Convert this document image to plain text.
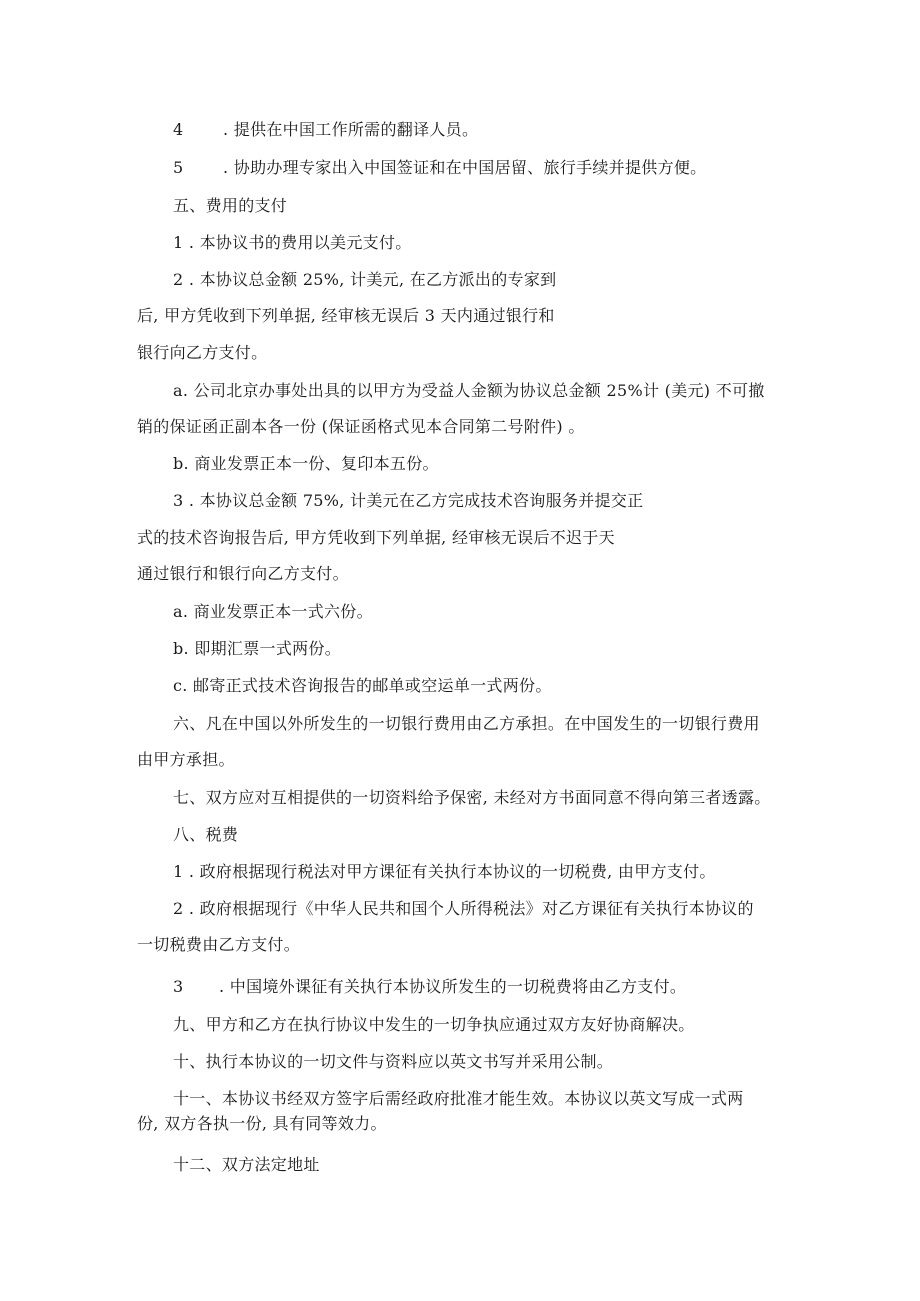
4 . 提供在中国工作所需的翻译人员。
5 . 协助办理专家出入中国签证和在中国居留、旅行手续并提供方便。
五、费用的支付
1 . 本协议书的费用以美元支付。
2 . 本协议总金额 25%, 计美元, 在乙方派出的专家到
后, 甲方凭收到下列单据, 经审核无误后 3 天内通过银行和
银行向乙方支付。
a. 公司北京办事处出具的以甲方为受益人金额为协议总金额 25%计 (美元) 不可撤
销的保证函正副本各一份 (保证函格式见本合同第二号附件) 。
b. 商业发票正本一份、复印本五份。
3 . 本协议总金额 75%, 计美元在乙方完成技术咨询服务并提交正
式的技术咨询报告后, 甲方凭收到下列单据, 经审核无误后不迟于天
通过银行和银行向乙方支付。
a. 商业发票正本一式六份。
b. 即期汇票一式两份。
c. 邮寄正式技术咨询报告的邮单或空运单一式两份。
六、凡在中国以外所发生的一切银行费用由乙方承担。在中国发生的一切银行费用
由甲方承担。
七、双方应对互相提供的一切资料给予保密, 未经对方书面同意不得向第三者透露。
八、税费
1 . 政府根据现行税法对甲方课征有关执行本协议的一切税费, 由甲方支付。
2 . 政府根据现行《中华人民共和国个人所得税法》对乙方课征有关执行本协议的
一切税费由乙方支付。
3 . 中国境外课征有关执行本协议所发生的一切税费将由乙方支付。
九、甲方和乙方在执行协议中发生的一切争执应通过双方友好协商解决。
十、执行本协议的一切文件与资料应以英文书写并采用公制。
十一、本协议书经双方签字后需经政府批准才能生效。本协议以英文写成一式两
份, 双方各执一份, 具有同等效力。
十二、双方法定地址
